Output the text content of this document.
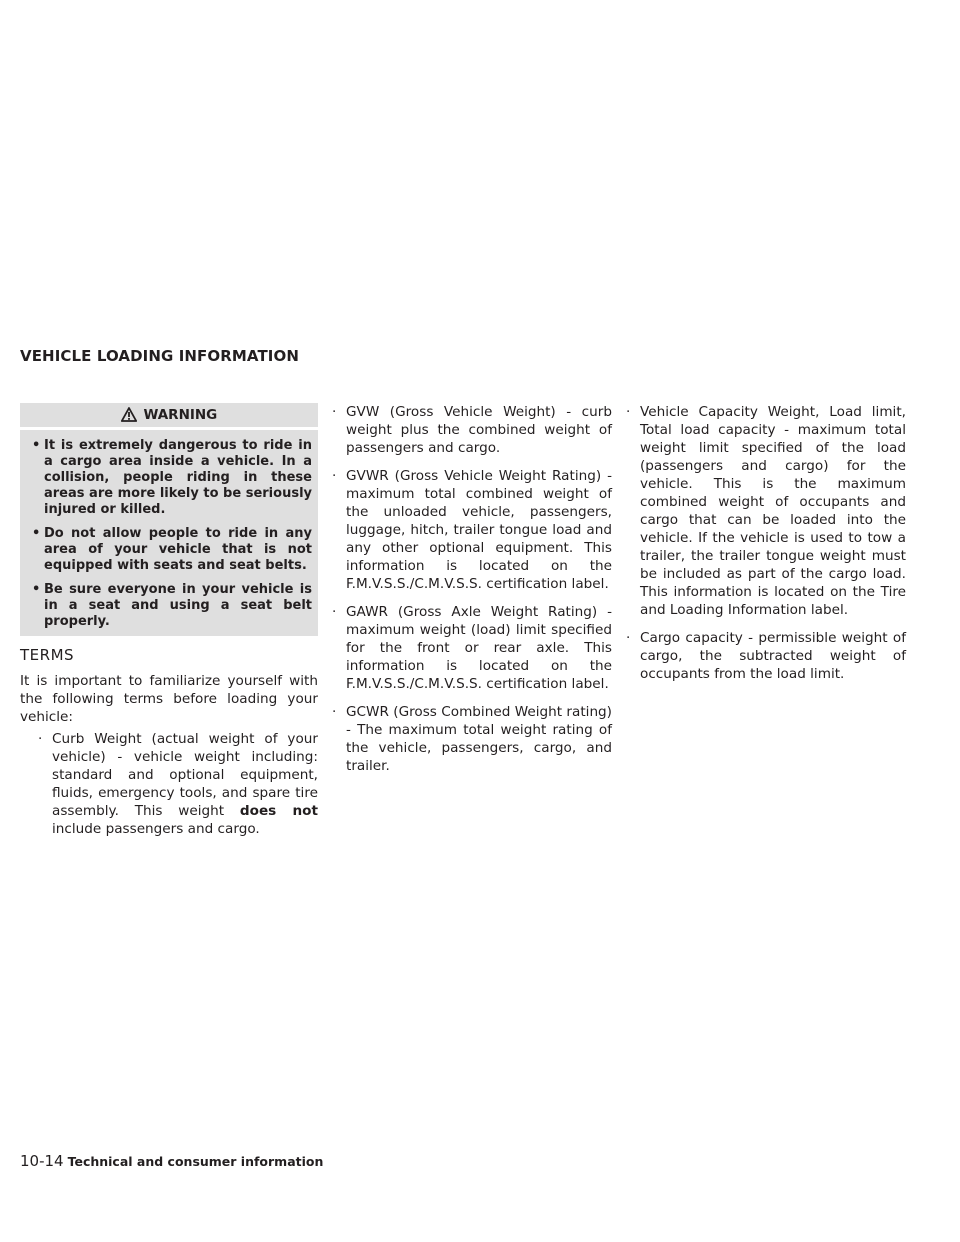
VEHICLE LOADING INFORMATION
WARNING
• It is extremely dangerous to ride in a cargo area inside a vehicle. In a collision, people riding in these areas are more likely to be seriously injured or killed.
• Do not allow people to ride in any area of your vehicle that is not equipped with seats and seat belts.
• Be sure everyone in your vehicle is in a seat and using a seat belt properly.
TERMS

It is important to familiarize yourself with the following terms before loading your vehicle:

· Curb Weight (actual weight of your vehicle) - vehicle weight including: standard and optional equipment, fluids, emergency tools, and spare tire assembly. This weight does not include passengers and cargo.
· GVW (Gross Vehicle Weight) - curb weight plus the combined weight of passengers and cargo.
· GVWR (Gross Vehicle Weight Rating) - maximum total combined weight of the unloaded vehicle, passengers, luggage, hitch, trailer tongue load and any other optional equipment. This information is located on the F.M.V.S.S./C.M.V.S.S. certification label.
· GAWR (Gross Axle Weight Rating) - maximum weight (load) limit specified for the front or rear axle. This information is located on the F.M.V.S.S./C.M.V.S.S. certification label.
· GCWR (Gross Combined Weight rating) - The maximum total weight rating of the vehicle, passengers, cargo, and trailer.
· Vehicle Capacity Weight, Load limit, Total load capacity - maximum total weight limit specified of the load (passengers and cargo) for the vehicle. This is the maximum combined weight of occupants and cargo that can be loaded into the vehicle. If the vehicle is used to tow a trailer, the trailer tongue weight must be included as part of the cargo load. This information is located on the Tire and Loading Information label.
· Cargo capacity - permissible weight of cargo, the subtracted weight of occupants from the load limit.
10-14 Technical and consumer information
